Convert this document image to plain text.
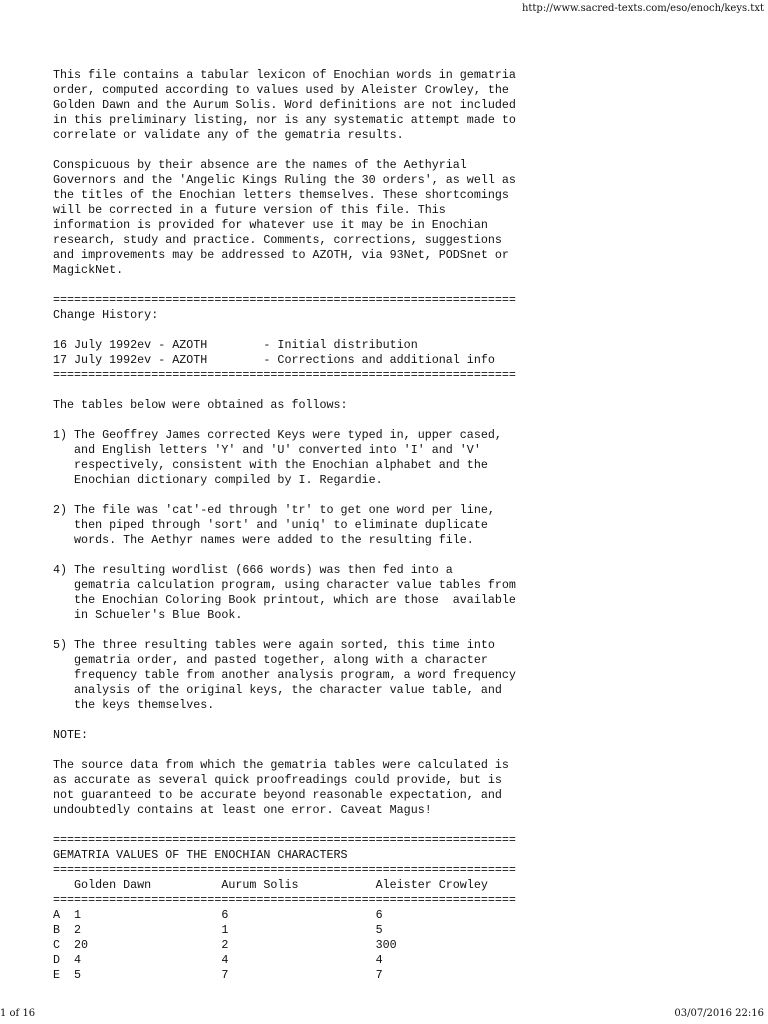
http://www.sacred-texts.com/eso/enoch/keys.txt
This file contains a tabular lexicon of Enochian words in gematria
order, computed according to values used by Aleister Crowley, the
Golden Dawn and the Aurum Solis. Word definitions are not included
in this preliminary listing, nor is any systematic attempt made to
correlate or validate any of the gematria results.
Conspicuous by their absence are the names of the Aethyrial
Governors and the 'Angelic Kings Ruling the 30 orders', as well as
the titles of the Enochian letters themselves. These shortcomings
will be corrected in a future version of this file. This
information is provided for whatever use it may be in Enochian
research, study and practice. Comments, corrections, suggestions
and improvements may be addressed to AZOTH, via 93Net, PODSnet or
MagickNet.
==================================================================
Change History:
16 July 1992ev - AZOTH        - Initial distribution
17 July 1992ev - AZOTH        - Corrections and additional info
==================================================================
The tables below were obtained as follows:
1) The Geoffrey James corrected Keys were typed in, upper cased,
and English letters 'Y' and 'U' converted into 'I' and 'V'
respectively, consistent with the Enochian alphabet and the
Enochian dictionary compiled by I. Regardie.
2) The file was 'cat'-ed through 'tr' to get one word per line,
then piped through 'sort' and 'uniq' to eliminate duplicate
words. The Aethyr names were added to the resulting file.
4) The resulting wordlist (666 words) was then fed into a
gematria calculation program, using character value tables from
the Enochian Coloring Book printout, which are those  available
in Schueler's Blue Book.
5) The three resulting tables were again sorted, this time into
gematria order, and pasted together, along with a character
frequency table from another analysis program, a word frequency
analysis of the original keys, the character value table, and
the keys themselves.
NOTE:
The source data from which the gematria tables were calculated is
as accurate as several quick proofreadings could provide, but is
not guaranteed to be accurate beyond reasonable expectation, and
undoubtedly contains at least one error. Caveat Magus!
==================================================================
GEMATRIA VALUES OF THE ENOCHIAN CHARACTERS
==================================================================
Golden Dawn          Aurum Solis           Aleister Crowley
==================================================================
A  1                    6                     6
B  2                    1                     5
C  20                   2                     300
D  4                    4                     4
E  5                    7                     7
1 of 16	03/07/2016 22:16
